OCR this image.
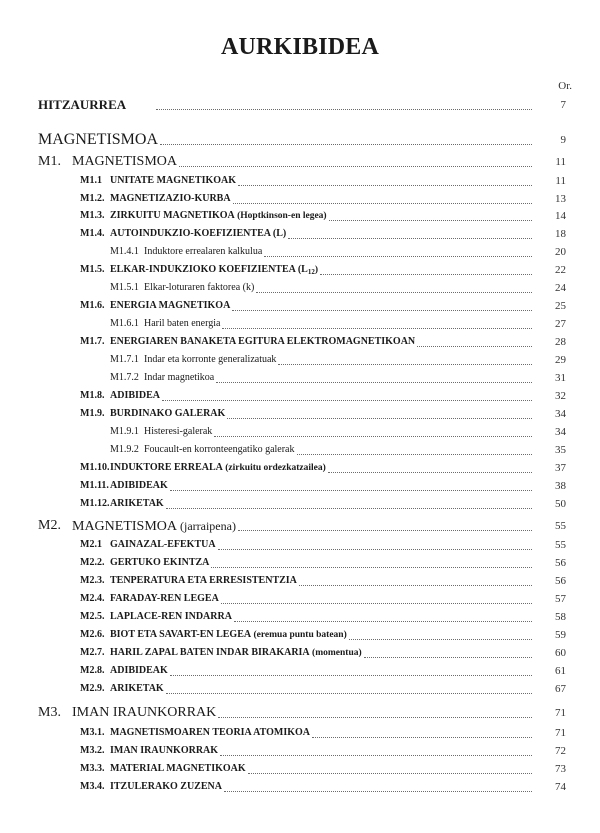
AURKIBIDEA
Or.
HITZAURREA	7
MAGNETISMOA	9
M1. MAGNETISMOA	11
M1.1 UNITATE MAGNETIKOAK	11
M1.2. MAGNETIZAZIO-KURBA	13
M1.3. ZIRKUITU MAGNETIKOA (Hoptkinson-en legea)	14
M1.4. AUTOINDUKZIO-KOEFIZIENTEA (L)	18
M1.4.1 Induktore errealaren kalkulua	20
M1.5. ELKAR-INDUKZIOKO KOEFIZIENTEA $(L_{12})$	22
M1.5.1 Elkar-loturaren faktorea (k)	24
M1.6. ENERGIA MAGNETIKOA	25
M1.6.1 Haril baten energia	27
M1.7. ENERGIAREN BANAKETA EGITURA ELEKTROMAGNETIKOAN	28
M1.7.1 Indar eta korronte generalizatuak	29
M1.7.2 Indar magnetikoa	31
M1.8. ADIBIDEA	32
M1.9. BURDINAKO GALERAK	34
M1.9.1 Histeresi-galerak	34
M1.9.2 Foucault-en korronteengatiko galerak	35
M1.10. INDUKTORE ERREALA (zirkuitu ordezkatzailea)	37
M1.11. ADIBIDEAK	38
M1.12. ARIKETAK	50
M2. MAGNETISMOA (jarraipena)	55
M2.1 GAINAZAL-EFEKTUA	55
M2.2. GERTUKO EKINTZA	56
M2.3. TENPERATURA ETA ERRESISTENTZIA	56
M2.4. FARADAY-REN LEGEA	57
M2.5. LAPLACE-REN INDARRA	58
M2.6. BIOT ETA SAVART-EN LEGEA (eremua puntu batean)	59
M2.7. HARIL ZAPAL BATEN INDAR BIRAKARIA (momentua)	60
M2.8. ADIBIDEAK	61
M2.9. ARIKETAK	67
M3. IMAN IRAUNKORRAK	71
M3.1. MAGNETISMOAREN TEORIA ATOMIKOA	71
M3.2. IMAN IRAUNKORRAK	72
M3.3. MATERIAL MAGNETIKOAK	73
M3.4. ITZULERAKO ZUZENA	74
